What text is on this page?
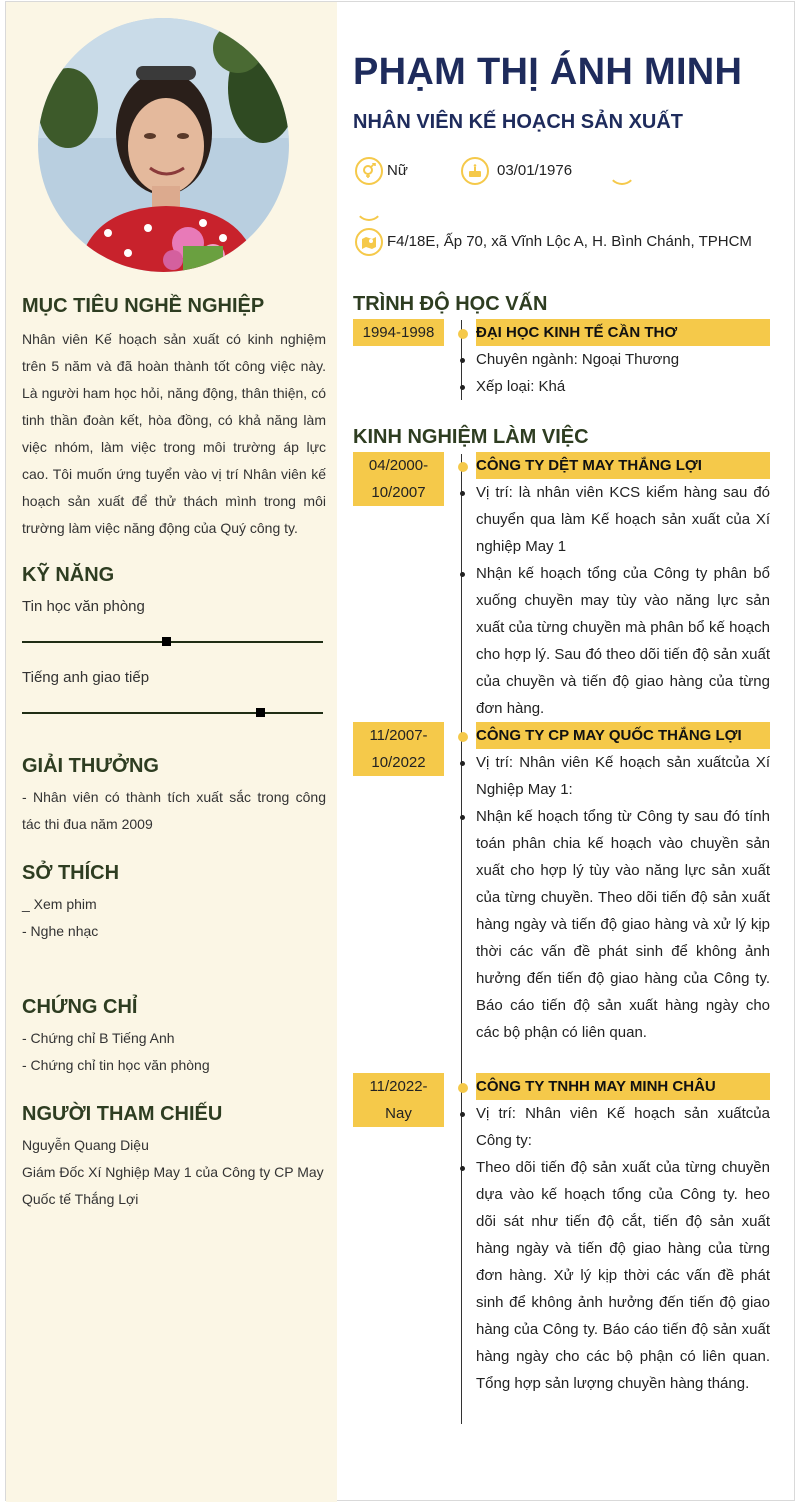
MỤC TIÊU NGHỀ NGHIỆP
Nhân viên Kế hoạch sản xuất có kinh nghiệm trên 5 năm và đã hoàn thành tốt công việc này. Là người ham học hỏi, năng động, thân thiện, có tinh thần đoàn kết, hòa đồng, có khả năng làm việc nhóm, làm việc trong môi trường áp lực cao. Tôi muốn ứng tuyển vào vị trí Nhân viên kế hoạch sản xuất để thử thách mình trong môi trường làm việc năng động của Quý công ty.
KỸ NĂNG
Tin học văn phòng
Tiếng anh giao tiếp
GIẢI THƯỞNG
- Nhân viên có thành tích xuất sắc trong công tác thi đua năm 2009
SỞ THÍCH
_ Xem phim
- Nghe nhạc
CHỨNG CHỈ
- Chứng chỉ B Tiếng Anh
- Chứng chỉ tin học văn phòng
NGƯỜI THAM CHIẾU
Nguyễn Quang Diệu
Giám Đốc Xí Nghiệp May 1 của Công ty CP May Quốc tế Thắng Lợi
PHẠM THỊ ÁNH MINH
NHÂN VIÊN KẾ HOẠCH SẢN XUẤT
Nữ	03/01/1976
F4/18E, Ấp 70, xã Vĩnh Lộc A, H. Bình Chánh, TPHCM
TRÌNH ĐỘ HỌC VẤN
1994-1998	ĐẠI HỌC KINH TẾ CẦN THƠ
Chuyên ngành: Ngoại Thương
Xếp loại: Khá
KINH NGHIỆM LÀM VIỆC
04/2000-
10/2007
CÔNG TY DỆT MAY THẮNG LỢI
Vị trí: là nhân viên KCS kiểm hàng sau đó chuyển qua làm Kế hoạch sản xuất của Xí nghiệp May 1
Nhận kế hoạch tổng của Công ty phân bổ xuống chuyền may tùy vào năng lực sản xuất của từng chuyền mà phân bổ kế hoạch cho hợp lý. Sau đó theo dõi tiến độ sản xuất của chuyền và tiến độ giao hàng của từng đơn hàng.
11/2007-
10/2022
CÔNG TY CP MAY QUỐC THẮNG LỢI
Vị trí: Nhân viên Kế hoạch sản xuấtcủa Xí Nghiệp May 1:
Nhận kế hoạch tổng từ Công ty sau đó tính toán phân chia kế hoạch vào chuyền sản xuất cho hợp lý tùy vào năng lực sản xuất của từng chuyền. Theo dõi tiến độ sản xuất hàng ngày và tiến độ giao hàng và xử lý kịp thời các vấn đề phát sinh để không ảnh hưởng đến tiến độ giao hàng của Công ty. Báo cáo tiến độ sản xuất hàng ngày cho các bộ phận có liên quan.
11/2022-
Nay
CÔNG TY TNHH MAY MINH CHÂU
Vị trí: Nhân viên Kế hoạch sản xuấtcủa Công ty:
Theo dõi tiến độ sản xuất của từng chuyền dựa vào kế hoạch tổng của Công ty. heo dõi sát như tiến độ cắt, tiến độ sản xuất hàng ngày và tiến độ giao hàng của từng đơn hàng. Xử lý kịp thời các vấn đề phát sinh để không ảnh hưởng đến tiến độ giao hàng của Công ty. Báo cáo tiến độ sản xuất hàng ngày cho các bộ phận có liên quan. Tổng hợp sản lượng chuyền hàng tháng.
